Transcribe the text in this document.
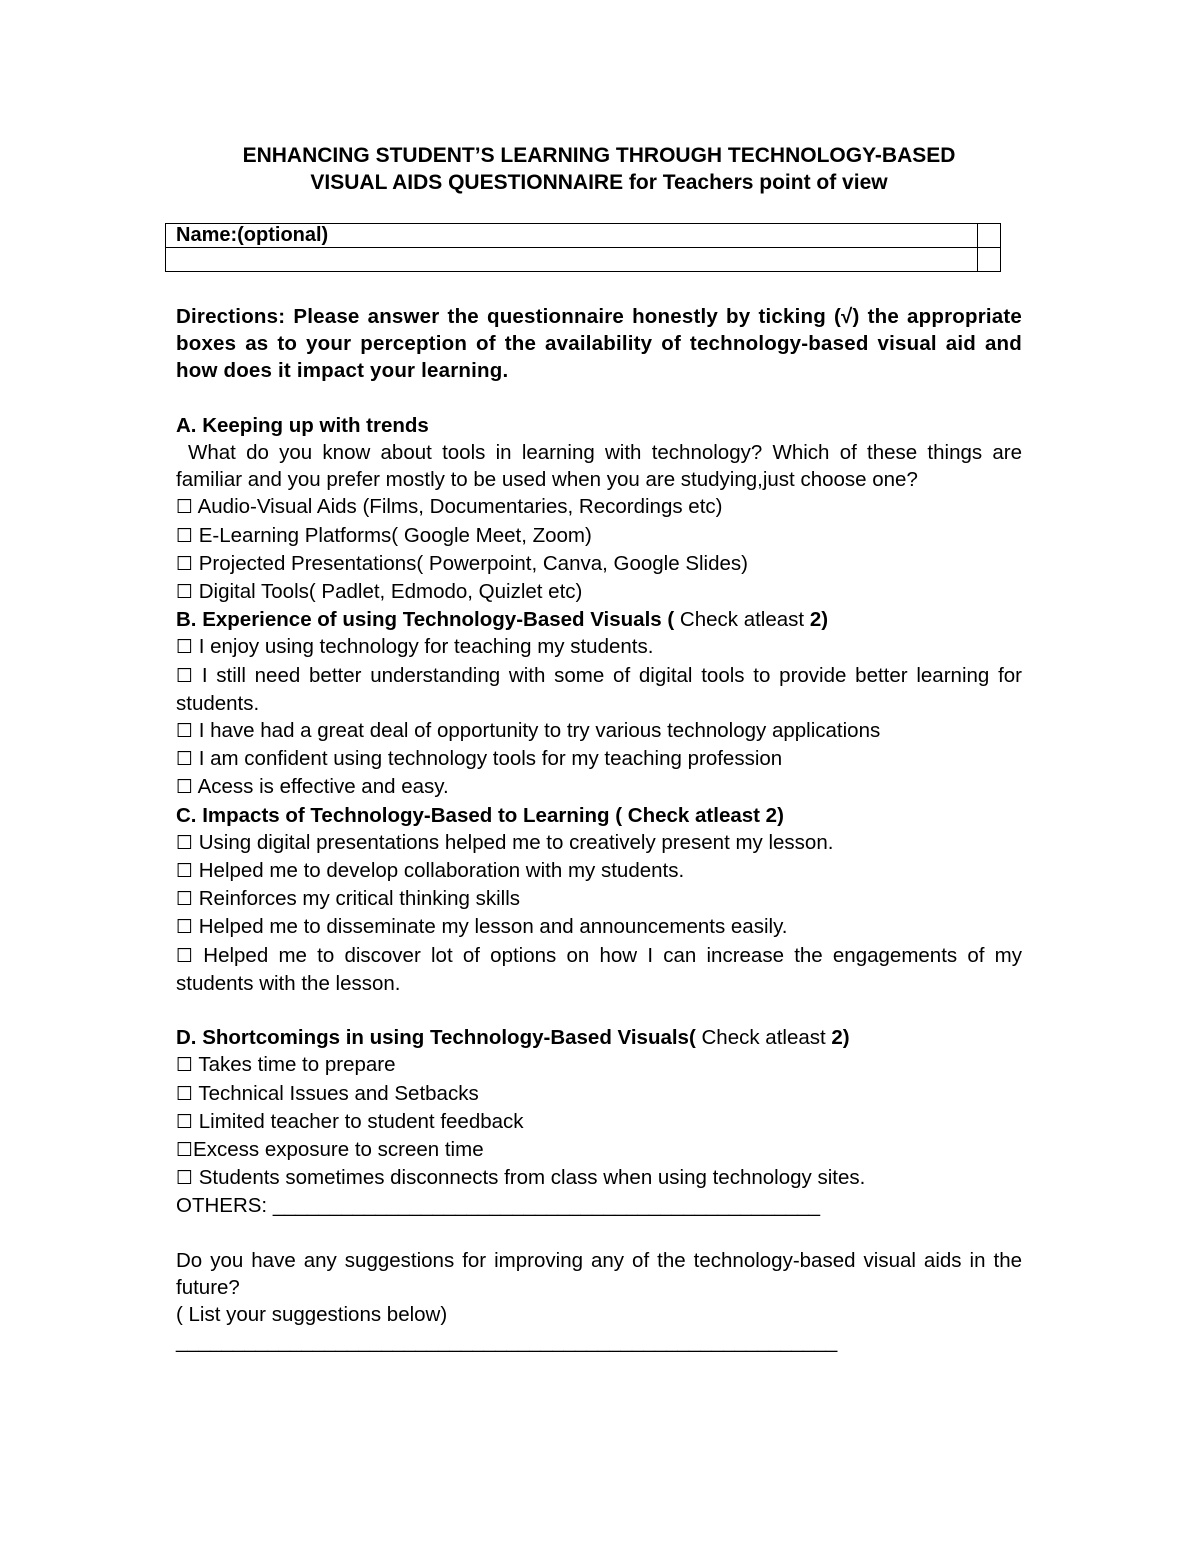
ENHANCING STUDENT’S LEARNING THROUGH TECHNOLOGY-BASED
VISUAL AIDS QUESTIONNAIRE for Teachers point of view
Name:(optional)	

Directions: Please answer the questionnaire honestly by ticking (√) the appropriate boxes as to your perception of the availability of technology-based visual aid and how does it impact your learning.
A. Keeping up with trends
What do you know about tools in learning with technology? Which of these things are familiar and you prefer mostly to be used when you are studying,just choose one?
☐ Audio-Visual Aids (Films, Documentaries, Recordings etc)
☐ E-Learning Platforms( Google Meet, Zoom)
☐ Projected Presentations( Powerpoint, Canva, Google Slides)
☐ Digital Tools( Padlet, Edmodo, Quizlet etc)
B. Experience of using Technology-Based Visuals ( Check atleast 2)
☐ I enjoy using technology for teaching my students.
☐ I still need better understanding with some of digital tools to provide better learning for students.
☐ I have had a great deal of opportunity to try various technology applications
☐ I am confident using technology tools for my teaching profession
☐ Acess is effective and easy.
C. Impacts of Technology-Based to Learning ( Check atleast 2)
☐ Using digital presentations helped me to creatively present my lesson.
☐ Helped me to develop collaboration with my students.
☐ Reinforces my critical thinking skills
☐ Helped me to disseminate my lesson and announcements easily.
☐ Helped me to discover lot of options on how I can increase the engagements of my students with the lesson.
D. Shortcomings in using Technology-Based Visuals( Check atleast 2)
☐ Takes time to prepare
☐ Technical Issues and Setbacks
☐ Limited teacher to student feedback
☐Excess exposure to screen time
☐ Students sometimes disconnects from class when using technology sites.
OTHERS: ________________________________________________
Do you have any suggestions for improving any of the technology-based visual aids in the future?
( List your suggestions below)
__________________________________________________________
